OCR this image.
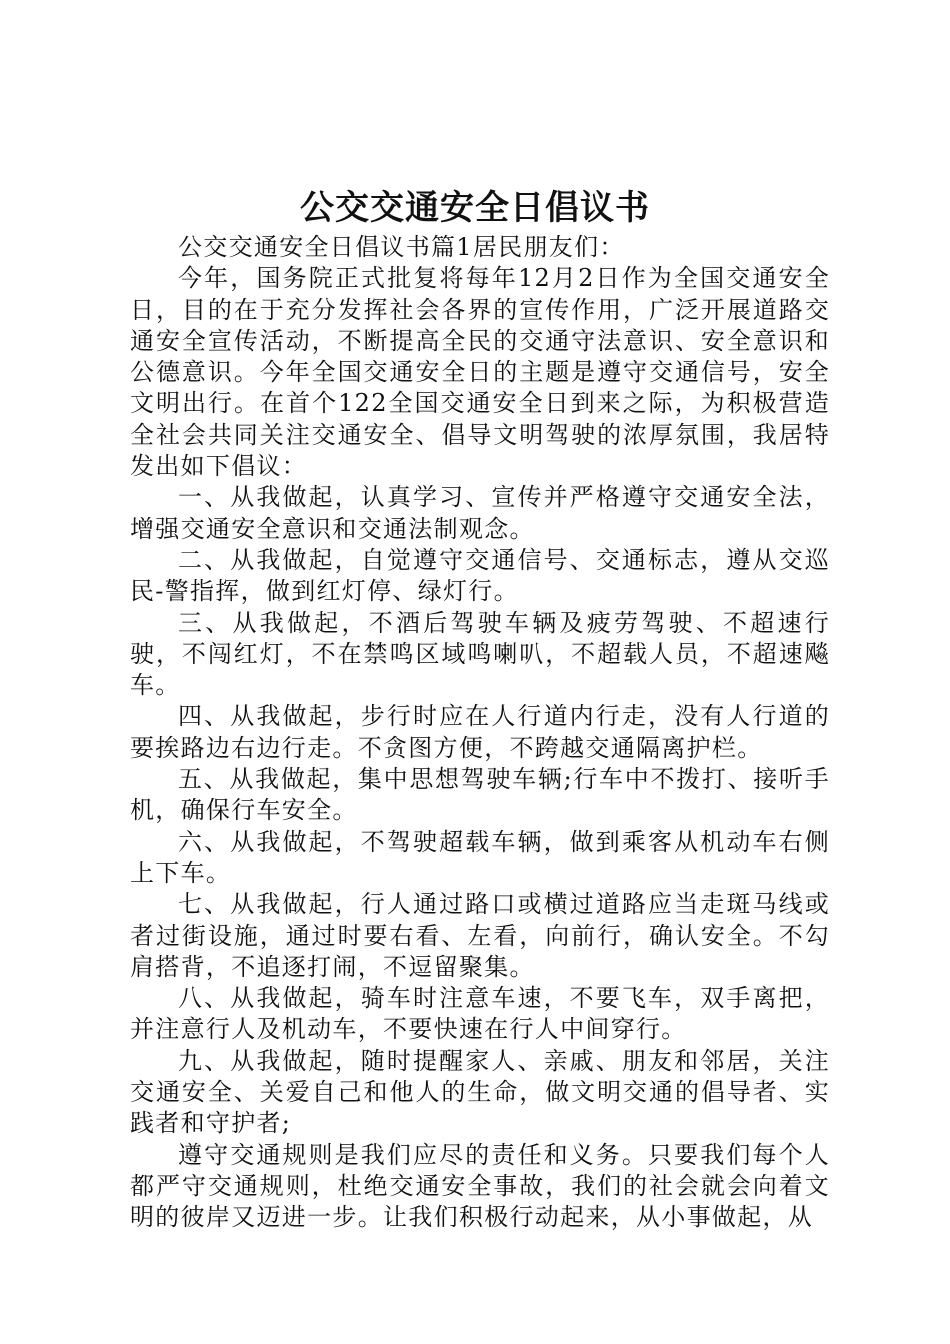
公交交通安全日倡议书

公交交通安全日倡议书篇1居民朋友们：

今年，国务院正式批复将每年12月2日作为全国交通安全日，目的在于充分发挥社会各界的宣传作用，广泛开展道路交通安全宣传活动，不断提高全民的交通守法意识、安全意识和公德意识。今年全国交通安全日的主题是遵守交通信号，安全文明出行。在首个122全国交通安全日到来之际，为积极营造全社会共同关注交通安全、倡导文明驾驶的浓厚氛围，我居特发出如下倡议：

一、从我做起，认真学习、宣传并严格遵守交通安全法，增强交通安全意识和交通法制观念。

二、从我做起，自觉遵守交通信号、交通标志，遵从交巡民-警指挥，做到红灯停、绿灯行。

三、从我做起，不酒后驾驶车辆及疲劳驾驶、不超速行驶，不闯红灯，不在禁鸣区域鸣喇叭，不超载人员，不超速飚车。

四、从我做起，步行时应在人行道内行走，没有人行道的要挨路边右边行走。不贪图方便，不跨越交通隔离护栏。

五、从我做起，集中思想驾驶车辆;行车中不拨打、接听手机，确保行车安全。

六、从我做起，不驾驶超载车辆，做到乘客从机动车右侧上下车。

七、从我做起，行人通过路口或横过道路应当走斑马线或者过街设施，通过时要右看、左看，向前行，确认安全。不勾肩搭背，不追逐打闹，不逗留聚集。

八、从我做起，骑车时注意车速，不要飞车，双手离把，并注意行人及机动车，不要快速在行人中间穿行。

九、从我做起，随时提醒家人、亲戚、朋友和邻居，关注交通安全、关爱自己和他人的生命，做文明交通的倡导者、实践者和守护者;

遵守交通规则是我们应尽的责任和义务。只要我们每个人都严守交通规则，杜绝交通安全事故，我们的社会就会向着文明的彼岸又迈进一步。让我们积极行动起来，从小事做起，从
